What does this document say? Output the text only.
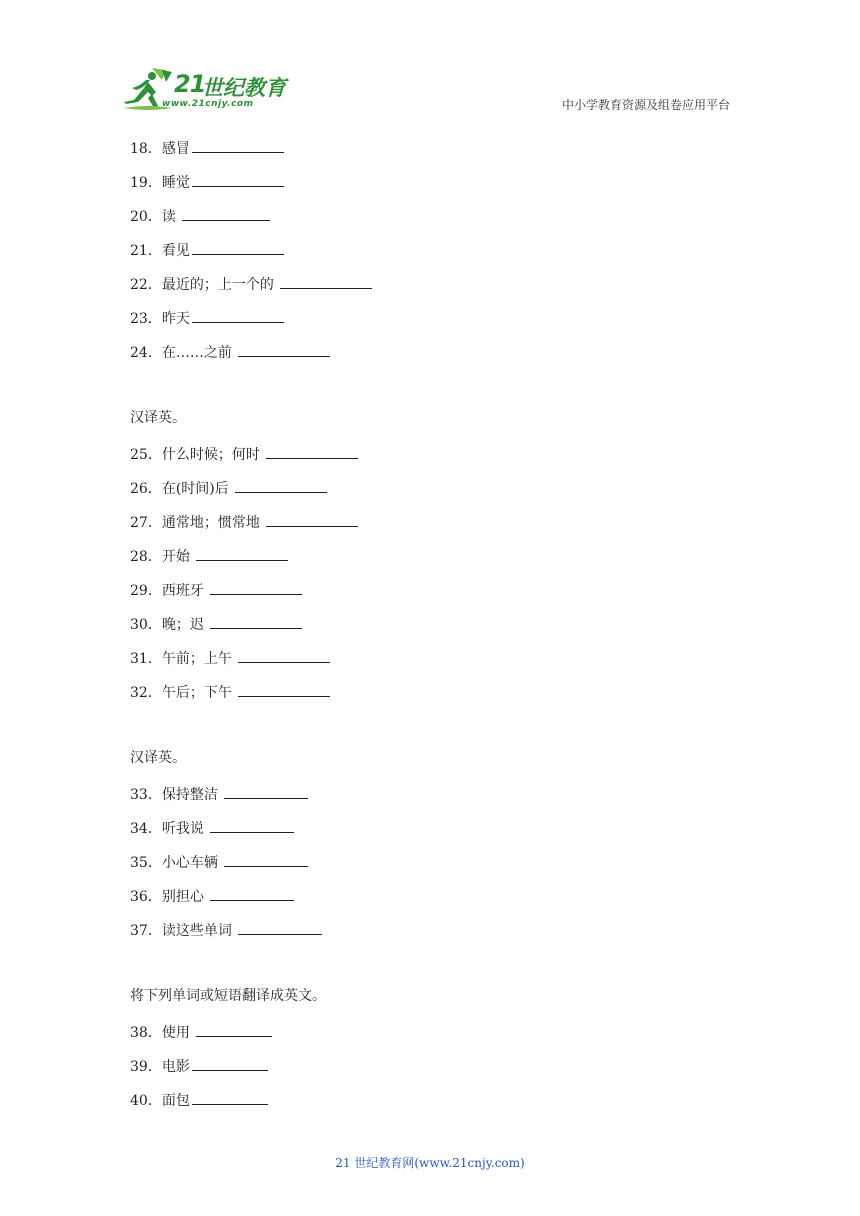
21
世纪教育
www.21cnjy.com	中小学教育资源及组卷应用平台
18．感冒
19．睡觉
20．读
21．看见
22．最近的；上一个的
23．昨天
24．在……之前
汉译英。
25．什么时候；何时
26．在(时间)后
27．通常地；惯常地
28．开始
29．西班牙
30．晚；迟
31．午前；上午
32．午后；下午
汉译英。
33．保持整洁
34．听我说
35．小心车辆
36．别担心
37．读这些单词
将下列单词或短语翻译成英文。
38．使用
39．电影
40．面包
21 世纪教育网(www.21cnjy.com)
